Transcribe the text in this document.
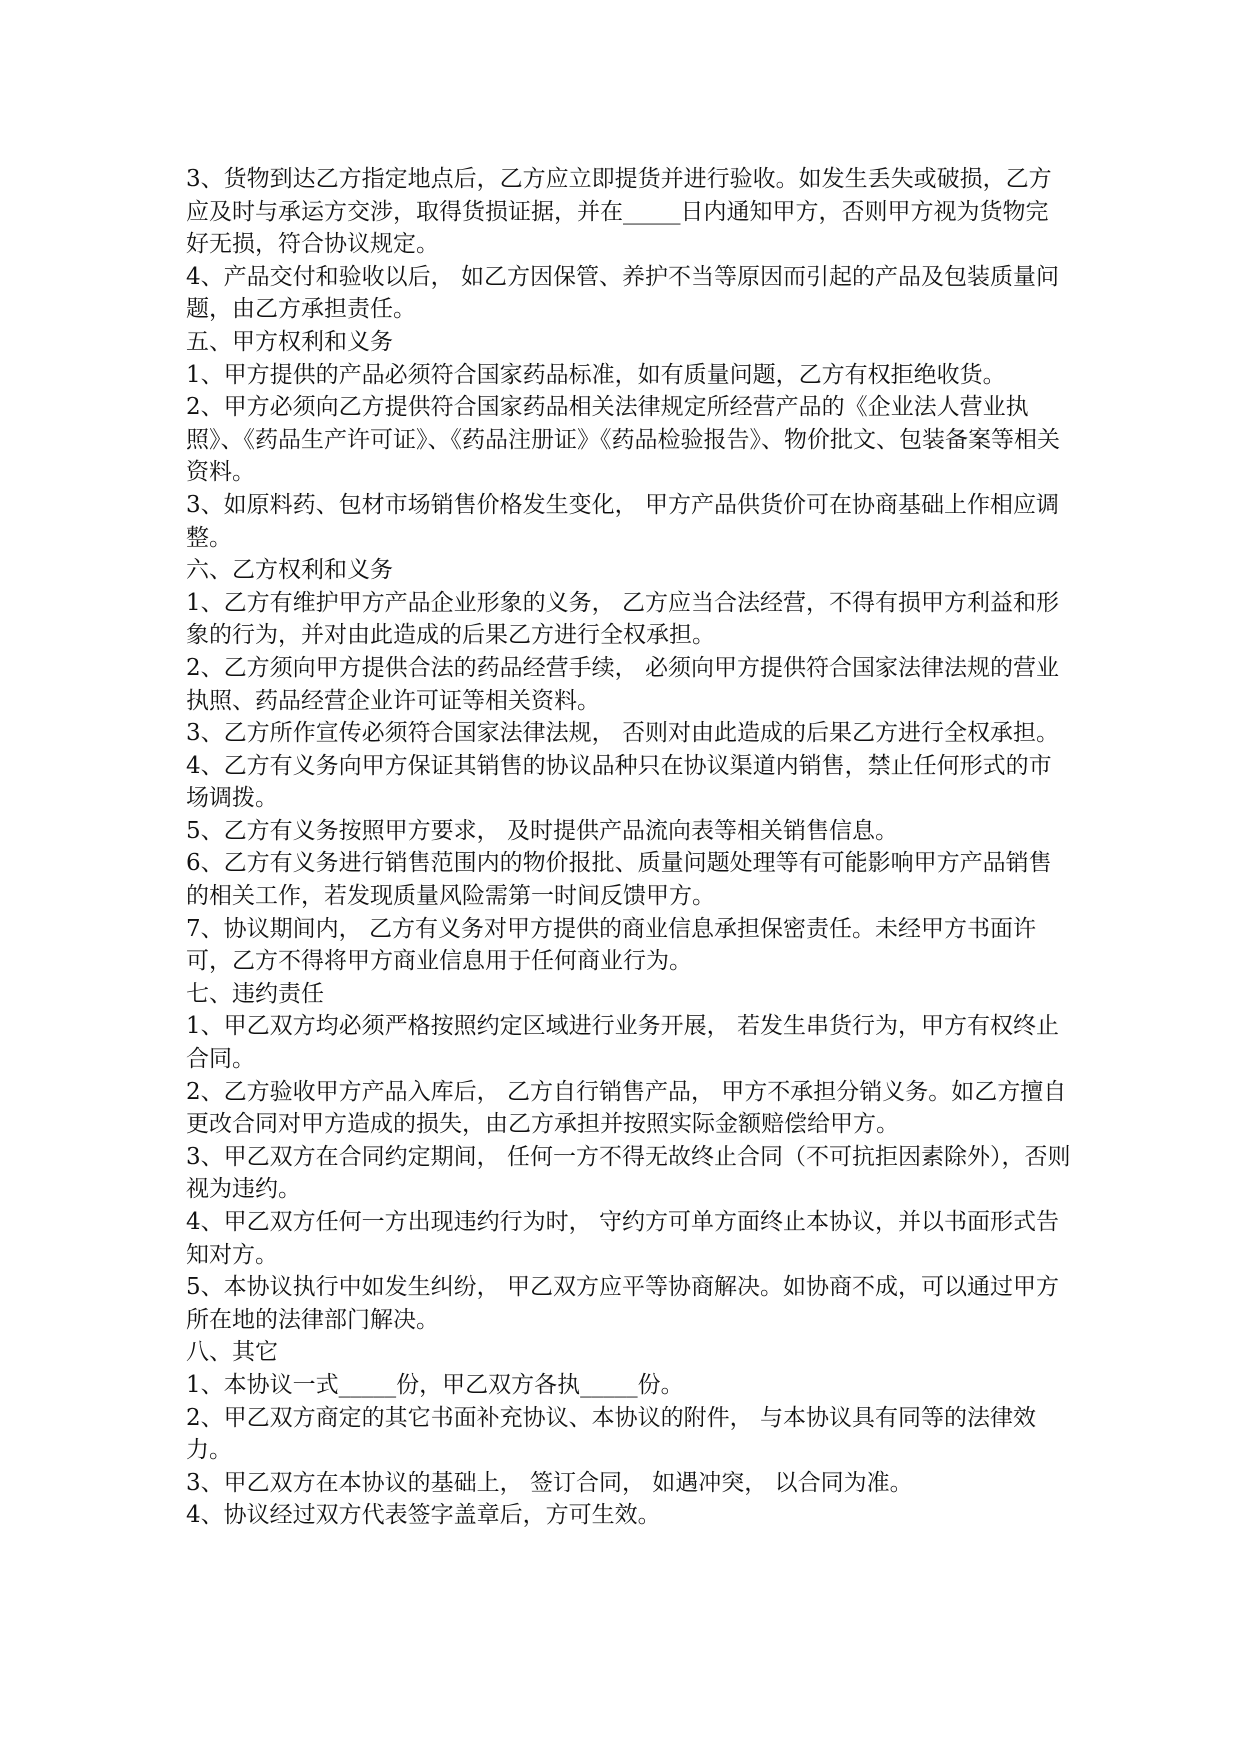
3、货物到达乙方指定地点后，乙方应立即提货并进行验收。如发生丢失或破损，乙方应及时与承运方交涉，取得货损证据，并在_____日内通知甲方，否则甲方视为货物完好无损，符合协议规定。

4、产品交付和验收以后， 如乙方因保管、养护不当等原因而引起的产品及包装质量问题，由乙方承担责任。

五、甲方权利和义务

1、甲方提供的产品必须符合国家药品标准，如有质量问题，乙方有权拒绝收货。

2、甲方必须向乙方提供符合国家药品相关法律规定所经营产品的《企业法人营业执照》、《药品生产许可证》、《药品注册证》《药品检验报告》、物价批文、包装备案等相关资料。

3、如原料药、包材市场销售价格发生变化， 甲方产品供货价可在协商基础上作相应调整。

六、乙方权利和义务

1、乙方有维护甲方产品企业形象的义务， 乙方应当合法经营，不得有损甲方利益和形象的行为，并对由此造成的后果乙方进行全权承担。

2、乙方须向甲方提供合法的药品经营手续， 必须向甲方提供符合国家法律法规的营业执照、药品经营企业许可证等相关资料。

3、乙方所作宣传必须符合国家法律法规， 否则对由此造成的后果乙方进行全权承担。

4、乙方有义务向甲方保证其销售的协议品种只在协议渠道内销售，禁止任何形式的市场调拨。

5、乙方有义务按照甲方要求， 及时提供产品流向表等相关销售信息。

6、乙方有义务进行销售范围内的物价报批、质量问题处理等有可能影响甲方产品销售的相关工作，若发现质量风险需第一时间反馈甲方。

7、协议期间内， 乙方有义务对甲方提供的商业信息承担保密责任。未经甲方书面许可，乙方不得将甲方商业信息用于任何商业行为。

七、违约责任

1、甲乙双方均必须严格按照约定区域进行业务开展， 若发生串货行为，甲方有权终止合同。

2、乙方验收甲方产品入库后， 乙方自行销售产品， 甲方不承担分销义务。如乙方擅自更改合同对甲方造成的损失，由乙方承担并按照实际金额赔偿给甲方。

3、甲乙双方在合同约定期间， 任何一方不得无故终止合同（不可抗拒因素除外），否则视为违约。

4、甲乙双方任何一方出现违约行为时， 守约方可单方面终止本协议，并以书面形式告知对方。

5、本协议执行中如发生纠纷， 甲乙双方应平等协商解决。如协商不成，可以通过甲方所在地的法律部门解决。

八、其它

1、本协议一式_____份，甲乙双方各执_____份。

2、甲乙双方商定的其它书面补充协议、本协议的附件， 与本协议具有同等的法律效力。

3、甲乙双方在本协议的基础上， 签订合同， 如遇冲突， 以合同为准。

4、协议经过双方代表签字盖章后，方可生效。
